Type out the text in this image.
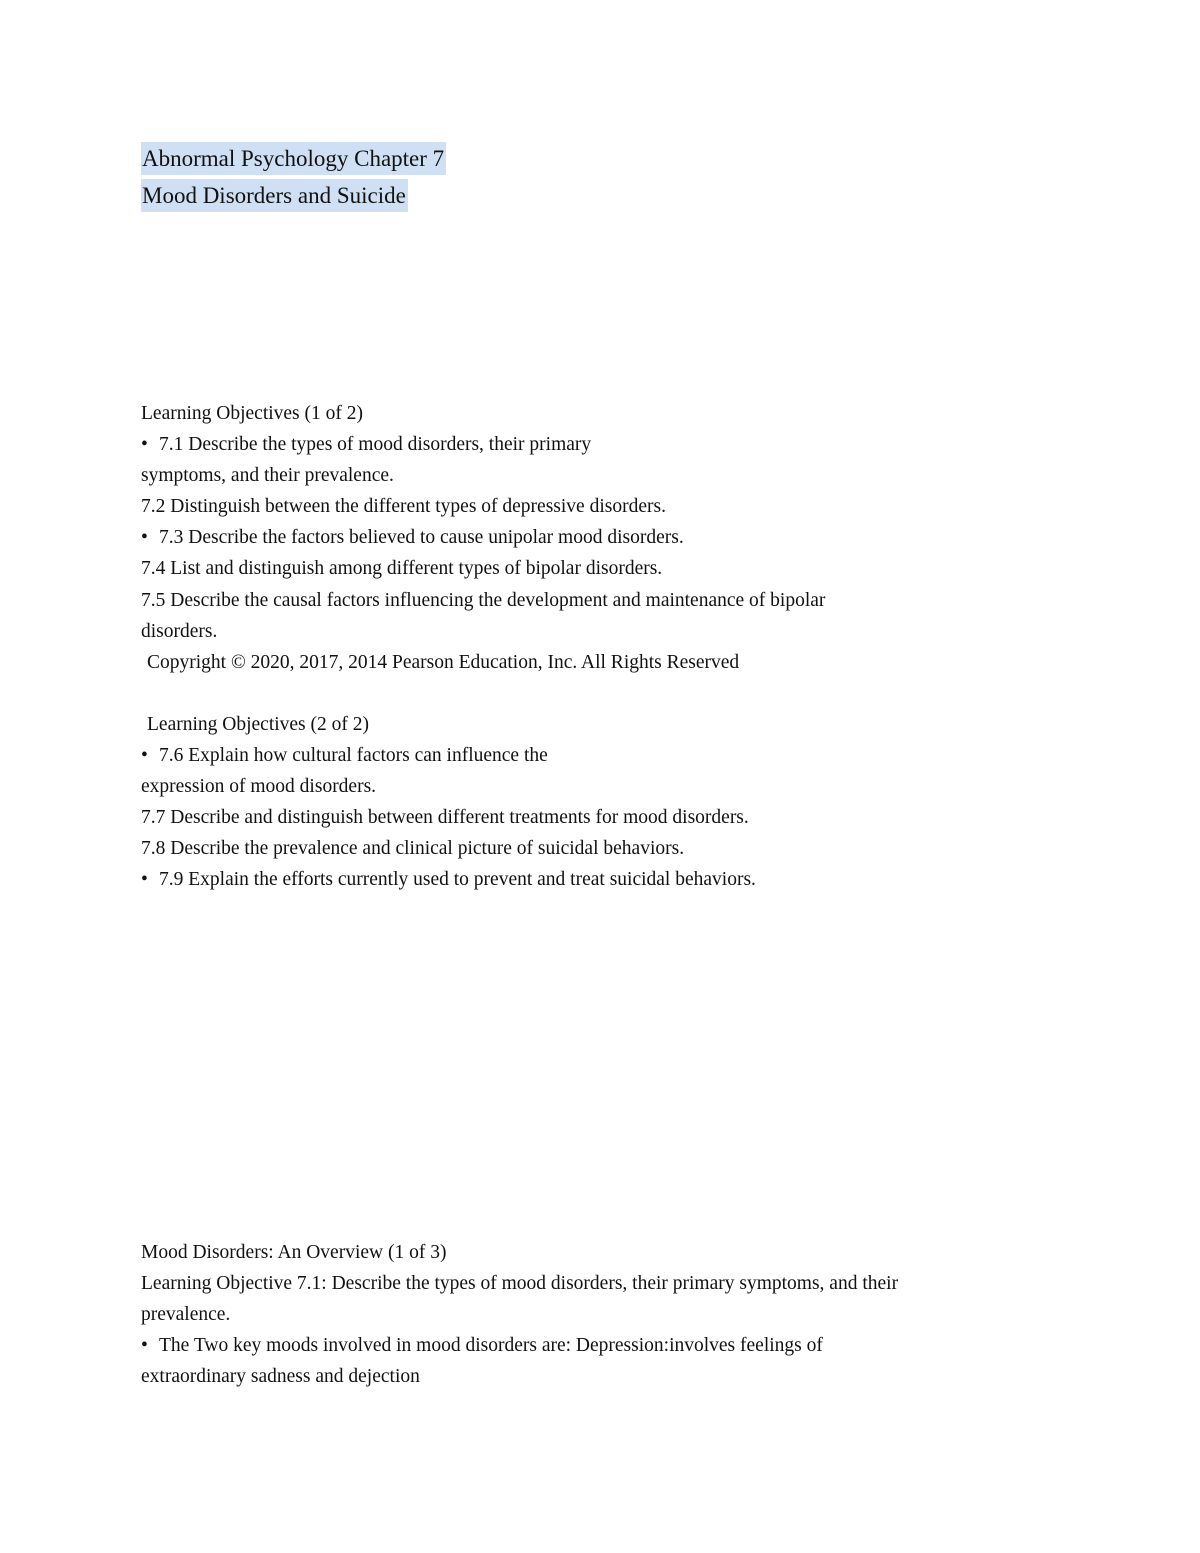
Abnormal Psychology Chapter 7
Mood Disorders and Suicide
Learning Objectives (1 of 2)
• 7.1 Describe the types of mood disorders, their primary
symptoms, and their prevalence.
7.2 Distinguish between the different types of depressive disorders.
• 7.3 Describe the factors believed to cause unipolar mood disorders.
7.4 List and distinguish among different types of bipolar disorders.
7.5 Describe the causal factors influencing the development and maintenance of bipolar
disorders.
Copyright © 2020, 2017, 2014 Pearson Education, Inc. All Rights Reserved
Learning Objectives (2 of 2)
• 7.6 Explain how cultural factors can influence the
expression of mood disorders.
7.7 Describe and distinguish between different treatments for mood disorders.
7.8 Describe the prevalence and clinical picture of suicidal behaviors.
• 7.9 Explain the efforts currently used to prevent and treat suicidal behaviors.
Mood Disorders: An Overview (1 of 3)
Learning Objective 7.1: Describe the types of mood disorders, their primary symptoms, and their
prevalence.
• The Two key moods involved in mood disorders are: Depression:involves feelings of
extraordinary sadness and dejection
